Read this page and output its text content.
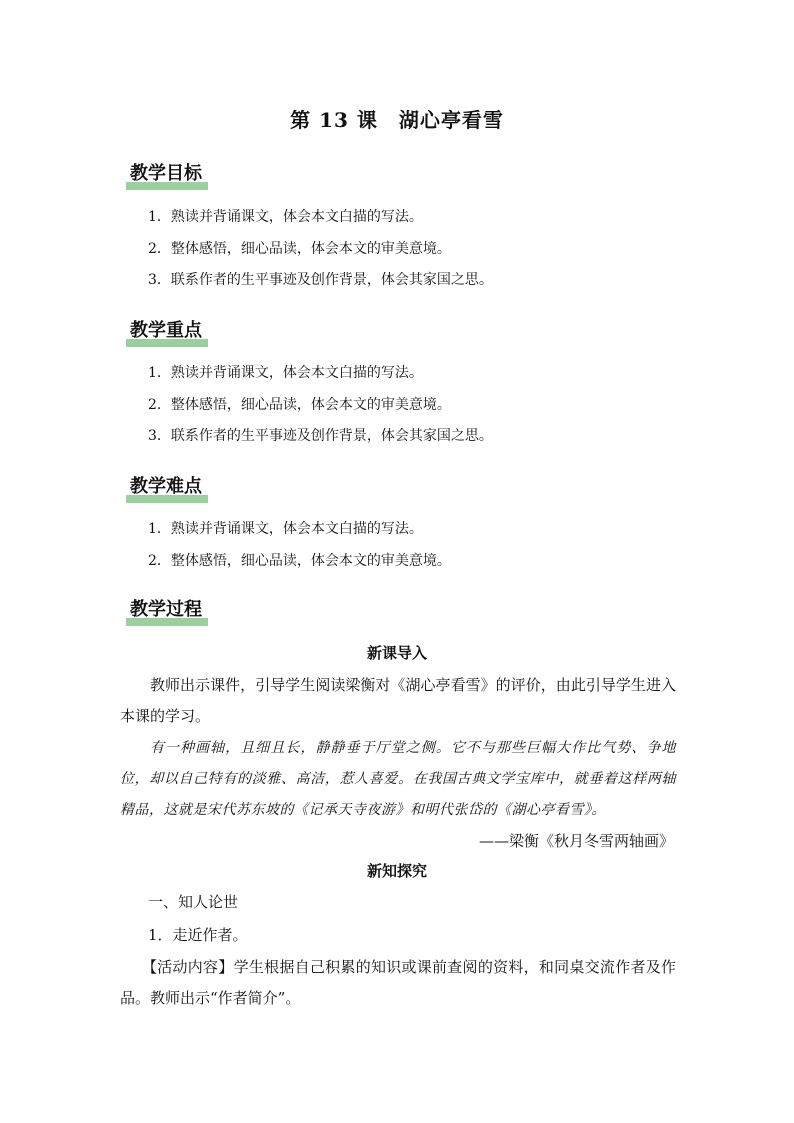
第 13 课　湖心亭看雪
教学目标
1．熟读并背诵课文，体会本文白描的写法。
2．整体感悟，细心品读，体会本文的审美意境。
3．联系作者的生平事迹及创作背景，体会其家国之思。
教学重点
1．熟读并背诵课文，体会本文白描的写法。
2．整体感悟，细心品读，体会本文的审美意境。
3．联系作者的生平事迹及创作背景，体会其家国之思。
教学难点
1．熟读并背诵课文，体会本文白描的写法。
2．整体感悟，细心品读，体会本文的审美意境。
教学过程
新课导入
教师出示课件，引导学生阅读梁衡对《湖心亭看雪》的评价，由此引导学生进入本课的学习。
有一种画轴，且细且长，静静垂于厅堂之侧。它不与那些巨幅大作比气势、争地位，却以自己特有的淡雅、高洁，惹人喜爱。在我国古典文学宝库中，就垂着这样两轴精品，这就是宋代苏东坡的《记承天寺夜游》和明代张岱的《湖心亭看雪》。
——梁衡《秋月冬雪两轴画》
新知探究
一、知人论世
1．走近作者。
【活动内容】学生根据自己积累的知识或课前查阅的资料，和同桌交流作者及作品。教师出示“作者简介”。
